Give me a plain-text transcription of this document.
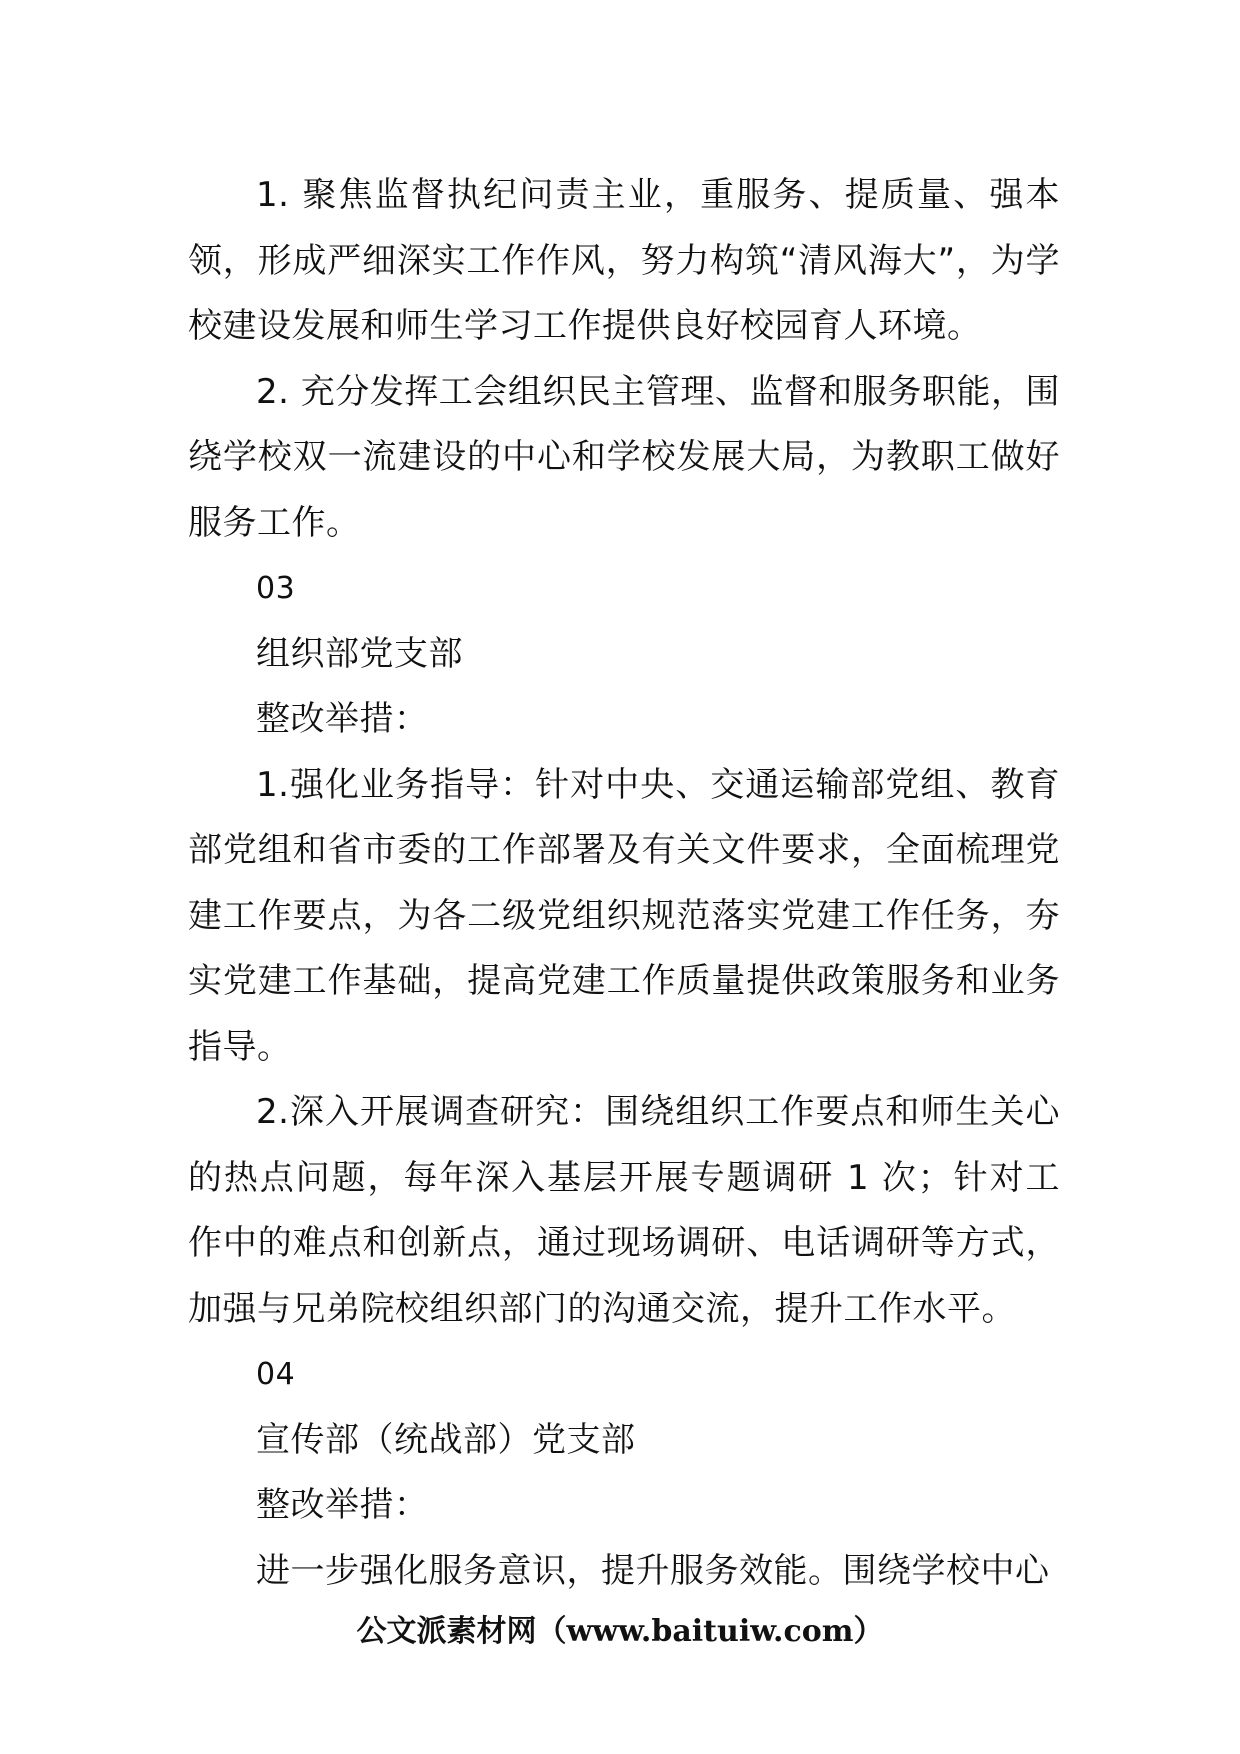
1. 聚焦监督执纪问责主业，重服务、提质量、强本领，形成严细深实工作作风，努力构筑“清风海大”，为学校建设发展和师生学习工作提供良好校园育人环境。

2. 充分发挥工会组织民主管理、监督和服务职能，围绕学校双一流建设的中心和学校发展大局，为教职工做好服务工作。

03

组织部党支部

整改举措：

1.强化业务指导：针对中央、交通运输部党组、教育部党组和省市委的工作部署及有关文件要求，全面梳理党建工作要点，为各二级党组织规范落实党建工作任务，夯实党建工作基础，提高党建工作质量提供政策服务和业务指导。

2.深入开展调查研究：围绕组织工作要点和师生关心的热点问题，每年深入基层开展专题调研 1 次；针对工作中的难点和创新点，通过现场调研、电话调研等方式，加强与兄弟院校组织部门的沟通交流，提升工作水平。

04

宣传部（统战部）党支部

整改举措：

进一步强化服务意识，提升服务效能。围绕学校中心

公文派素材网（www.baituiw.com）
